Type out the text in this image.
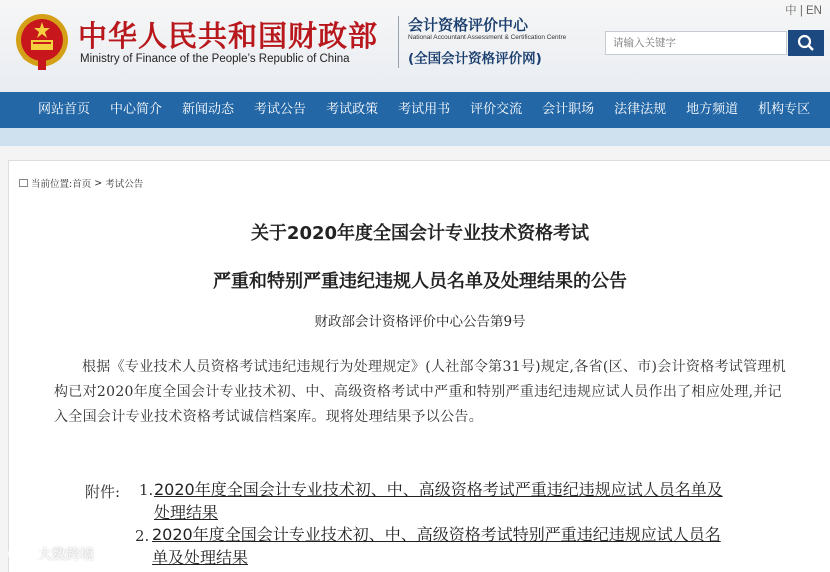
中华人民共和国财政部
Ministry of Finance of the People’s Republic of China
会计资格评价中心
National Accountant Assessment & Certification Centre
(全国会计资格评价网)
中 | EN
请输入关键字
网站首页	中心简介	新闻动态	考试公告	考试政策	考试用书	评价交流	会计职场	法律法规	地方频道	机构专区
当前位置: 首页 > 考试公告
关于2020年度全国会计专业技术资格考试
严重和特别严重违纪违规人员名单及处理结果的公告
财政部会计资格评价中心公告第9号
根据《专业技术人员资格考试违纪违规行为处理规定》(人社部令第31号)规定,各省(区、市)会计资格考试管理机构已对2020年度全国会计专业技术初、中、高级资格考试中严重和特别严重违纪违规应试人员作出了相应处理,并记入全国会计专业技术资格考试诚信档案库。现将处理结果予以公告。
附件: 1. 2020年度全国会计专业技术初、中、高级资格考试严重违纪违规应试人员名单及
处理结果
2. 2020年度全国会计专业技术初、中、高级资格考试特别严重违纪违规应试人员名
单及处理结果
大数跨境
